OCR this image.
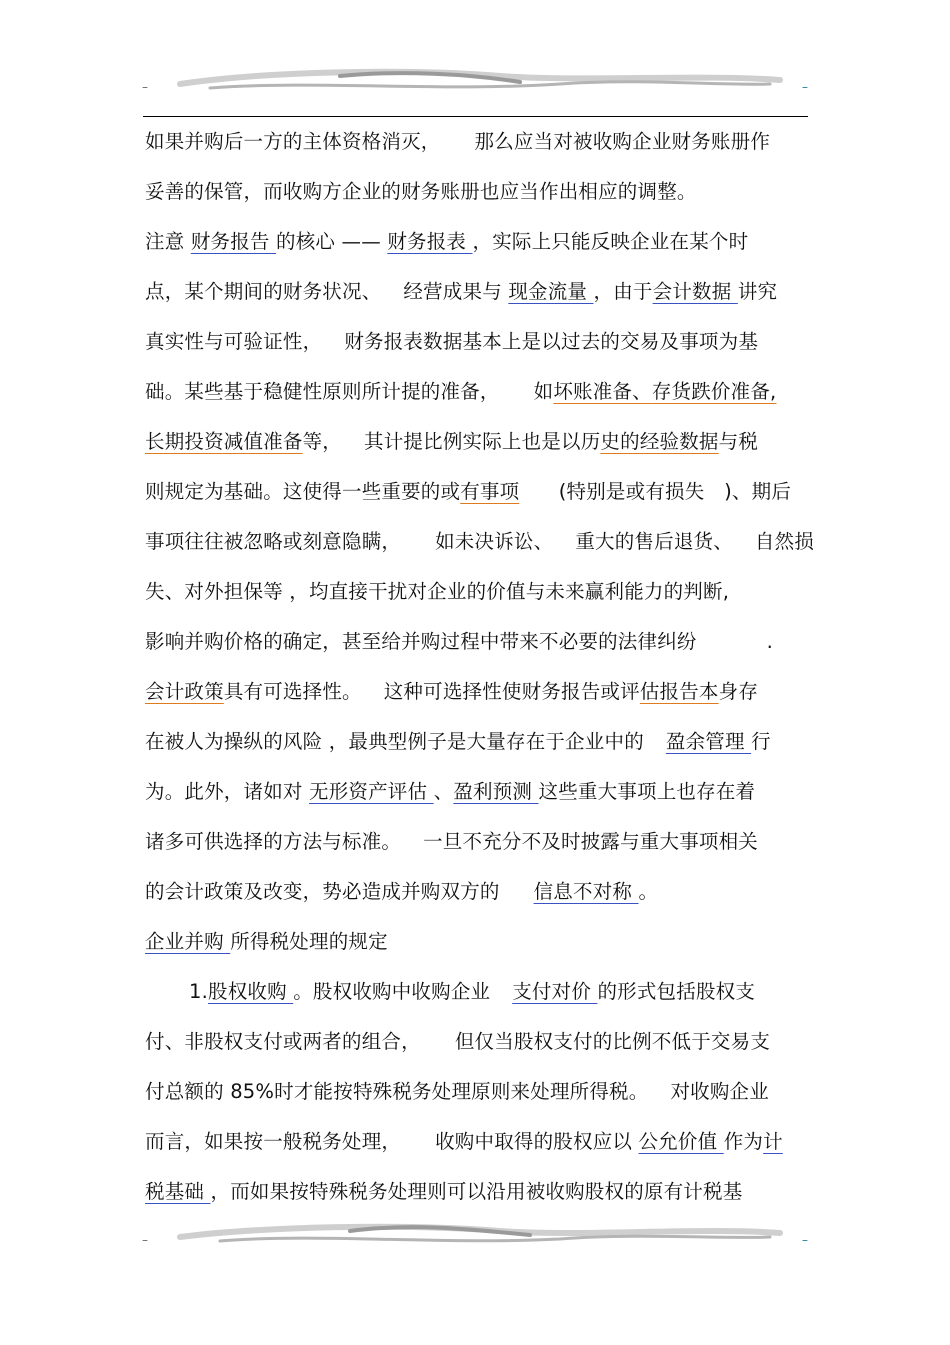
–	–
如果并购后一方的主体资格消灭， 那么应当对被收购企业财务账册作
妥善的保管，而收购方企业的财务账册也应当作出相应的调整。
注意 财务报告 的核心 —— 财务报表 ，实际上只能反映企业在某个时
点，某个期间的财务状况、 经营成果与 现金流量 ，由于会计数据 讲究
真实性与可验证性， 财务报表数据基本上是以过去的交易及事项为基
础。某些基于稳健性原则所计提的准备， 如坏账准备、存货跌价准备,
长期投资减值准备等， 其计提比例实际上也是以历史的经验数据与税
则规定为基础。这使得一些重要的或有事项　　(特别是或有损失　)、期后
事项往往被忽略或刻意隐瞒， 如未决诉讼、 重大的售后退货、 自然损
失、对外担保等 ，均直接干扰对企业的价值与未来赢利能力的判断,
影响并购价格的确定，甚至给并购过程中带来不必要的法律纠纷	.
会计政策具有可选择性。 这种可选择性使财务报告或评估报告本身存
在被人为操纵的风险 ，最典型例子是大量存在于企业中的 盈余管理 行
为。此外，诸如对 无形资产评估 、盈利预测 这些重大事项上也存在着
诸多可供选择的方法与标准。 一旦不充分不及时披露与重大事项相关
的会计政策及改变，势必造成并购双方的 信息不对称 。
企业并购 所得税处理的规定
1.股权收购 。股权收购中收购企业 支付对价 的形式包括股权支
付、非股权支付或两者的组合， 但仅当股权支付的比例不低于交易支
付总额的 85%时才能按特殊税务处理原则来处理所得税。 对收购企业
而言，如果按一般税务处理， 收购中取得的股权应以 公允价值 作为计
税基础 ，而如果按特殊税务处理则可以沿用被收购股权的原有计税基
–	–
